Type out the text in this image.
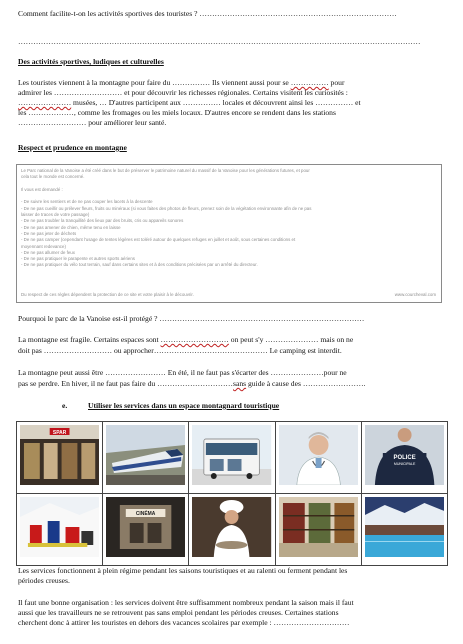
Comment facilite-t-on les activités sportives des touristes ? ……………………………………………………………………
……………………………………………………………………………………………………………………………………………
Des activités sportives, ludiques et culturelles
Les touristes viennent à la montagne pour faire du …………… Ils viennent aussi pour se …………… pour
admirer les ……………………… et pour découvrir les richesses régionales. Certains visitent les curiosités :
………………… musées, … D'autres participent aux …………… locales et découvrent ainsi les …………… et
les ………………, comme les fromages ou les miels locaux. D'autres encore se rendent dans les stations
……………………… pour améliorer leur santé.
Respect et prudence en montagne
Le Parc national de la Vanoise a été créé dans le but de préserver le patrimoine naturel du massif de la Vanoise pour les générations futures, et pour
cela tout le monde est concerné.
Il vous est demandé :
- De suivre les sentiers et de ne pas couper les lacets à la descente
- De ne pas cueillir ou prélever fleurs, fruits ou minéraux (si vous faites des photos de fleurs, prenez soin de la végétation environnante afin de ne pas
laisser de traces de votre passage)
- De ne pas troubler la tranquillité des lieux par des bruits, cris ou appareils sonores
- De ne pas amener de chien, même tenu en laisse
- De ne pas jeter de déchets
- De ne pas camper (cependant l'usage de tentes légères est toléré autour de quelques refuges en juillet et août, sous certaines conditions et
moyennant redevance)
- De ne pas allumer de feux
- De ne pas pratiquer le parapente et autres sports aériens
- De ne pas pratiquer du vélo tout terrain, sauf dans certains sites et à des conditions précisées par un arrêté du directeur.
Du respect de ces règles dépendent la protection de ce site et votre plaisir à le découvrir.	www.courcheval.com
Pourquoi le parc de la Vanoise est-il protégé ? ………………………………………………………………………
La montagne est fragile. Certains espaces sont ……………………… on peut s'y ………………… mais on ne
doit pas ……………………… ou approcher……………………………………… Le camping est interdit.
La montagne peut aussi être …………………… En été, il ne faut pas s'écarter des …………………pour ne
pas se perdre. En hiver, il ne faut pas faire du …………………………sans guide à cause des …………………….
e.	Utiliser les services dans un espace montagnard touristique
SPAR				POLICE
MUNICIPALE

CINÉMA

Les services fonctionnent à plein régime pendant les saisons touristiques et au ralenti ou ferment pendant les
périodes creuses.
Il faut une bonne organisation : les services doivent être suffisamment nombreux pendant la saison mais il faut
aussi que les travailleurs ne se retrouvent pas sans emploi pendant les périodes creuses. Certaines stations
cherchent donc à attirer les touristes en dehors des vacances scolaires par exemple : …………………………
